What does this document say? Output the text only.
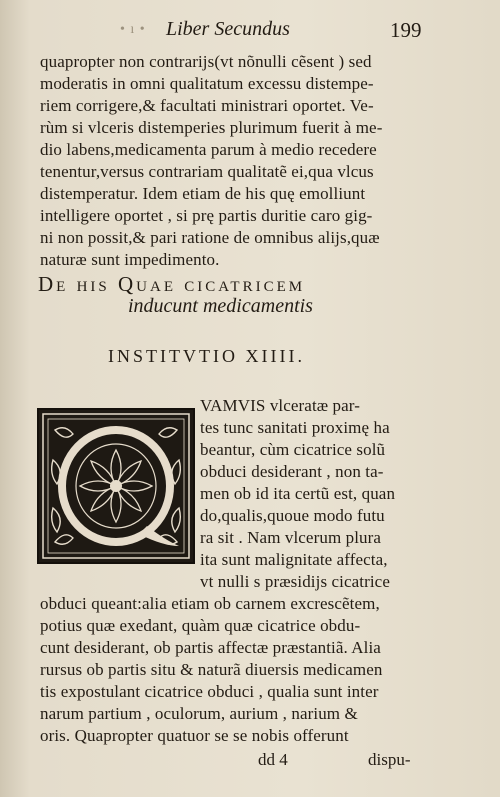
• ı • Liber Secundus	199
quapropter non contrarijs(vt nõnulli cẽsent ) sed
moderatis in omni qualitatum excessu distempe-
riem corrigere,& facultati ministrari oportet. Ve-
rùm si vlceris distemperies plurimum fuerit à me-
dio labens,medicamenta parum à medio recedere
tenentur,versus contrariam qualitatẽ ei,qua vlcus
distemperatur. Idem etiam de his quę emolliunt
intelligere oportet , si prę partis duritie caro gig-
ni non possit,& pari ratione de omnibus alijs,quæ
naturæ sunt impedimento.
De his Quae cicatricem
inducunt medicamentis
INSTITVTIO XIIII.
VAMVIS vlceratæ par-
tes tunc sanitati proximę ha
beantur, cùm cicatrice solũ
obduci desiderant , non ta-
men ob id ita certũ est, quan
do,qualis,quoue modo futu
ra sit . Nam vlcerum plura
ita sunt malignitate affecta,
vt nulli s præsidijs cicatrice
obduci queant:alia etiam ob carnem excrescẽtem,
potius quæ exedant, quàm quæ cicatrice obdu-
cunt desiderant, ob partis affectæ præstantiã. Alia
rursus ob partis situ & naturã diuersis medicamen
tis expostulant cicatrice obduci , qualia sunt inter
narum partium , oculorum, aurium , narium &
oris. Quapropter quatuor se se nobis offerunt
dd 4	dispu-
